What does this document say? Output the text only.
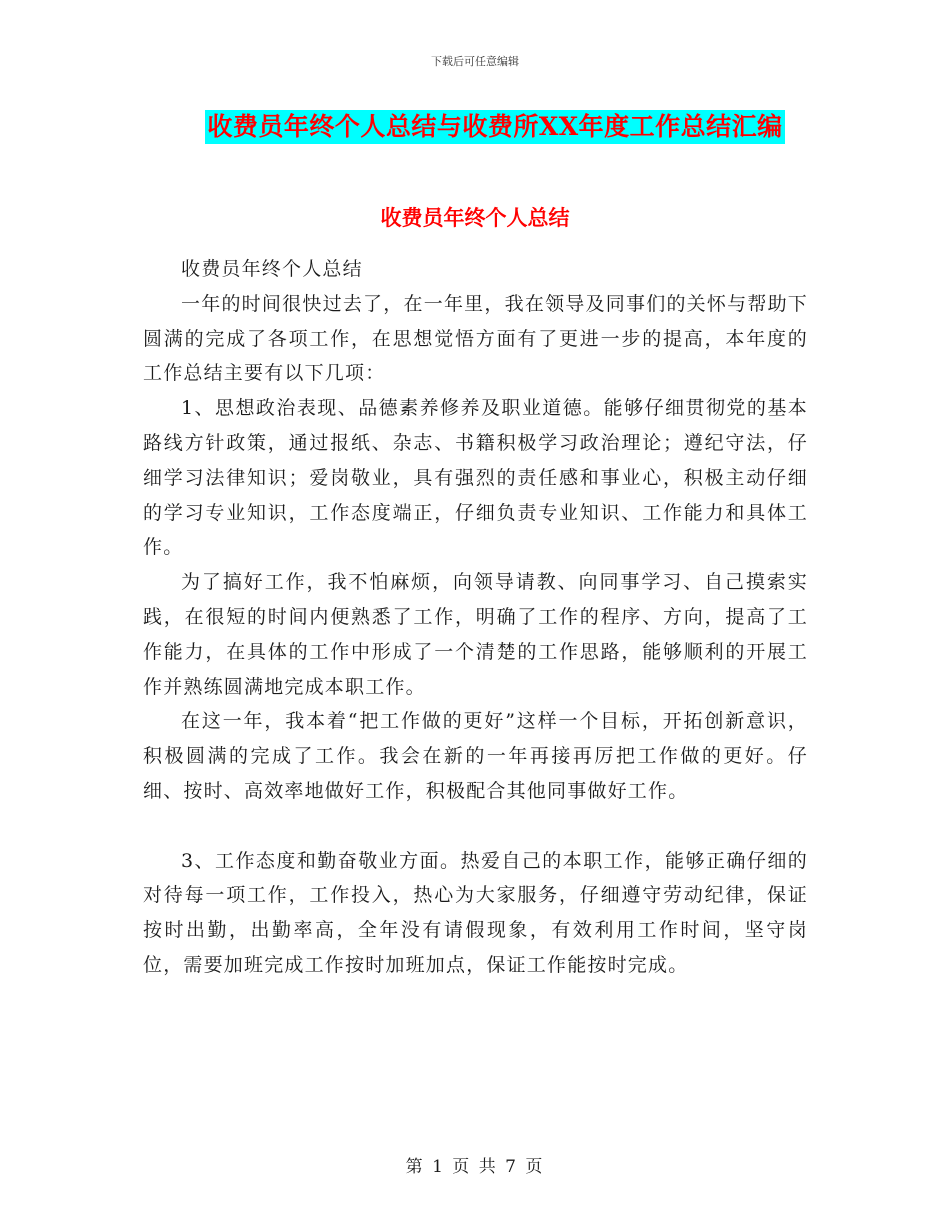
下载后可任意编辑
收费员年终个人总结与收费所XX年度工作总结汇编
收费员年终个人总结

收费员年终个人总结

一年的时间很快过去了，在一年里，我在领导及同事们的关怀与帮助下圆满的完成了各项工作，在思想觉悟方面有了更进一步的提高，本年度的工作总结主要有以下几项：

1、思想政治表现、品德素养修养及职业道德。能够仔细贯彻党的基本路线方针政策，通过报纸、杂志、书籍积极学习政治理论；遵纪守法，仔细学习法律知识；爱岗敬业，具有强烈的责任感和事业心，积极主动仔细的学习专业知识，工作态度端正，仔细负责专业知识、工作能力和具体工作。

为了搞好工作，我不怕麻烦，向领导请教、向同事学习、自己摸索实践，在很短的时间内便熟悉了工作，明确了工作的程序、方向，提高了工作能力，在具体的工作中形成了一个清楚的工作思路，能够顺利的开展工作并熟练圆满地完成本职工作。

在这一年，我本着“把工作做的更好”这样一个目标，开拓创新意识，积极圆满的完成了工作。我会在新的一年再接再厉把工作做的更好。仔细、按时、高效率地做好工作，积极配合其他同事做好工作。

3、工作态度和勤奋敬业方面。热爱自己的本职工作，能够正确仔细的对待每一项工作，工作投入，热心为大家服务，仔细遵守劳动纪律，保证按时出勤，出勤率高，全年没有请假现象，有效利用工作时间，坚守岗位，需要加班完成工作按时加班加点，保证工作能按时完成。

第 1 页 共 7 页
